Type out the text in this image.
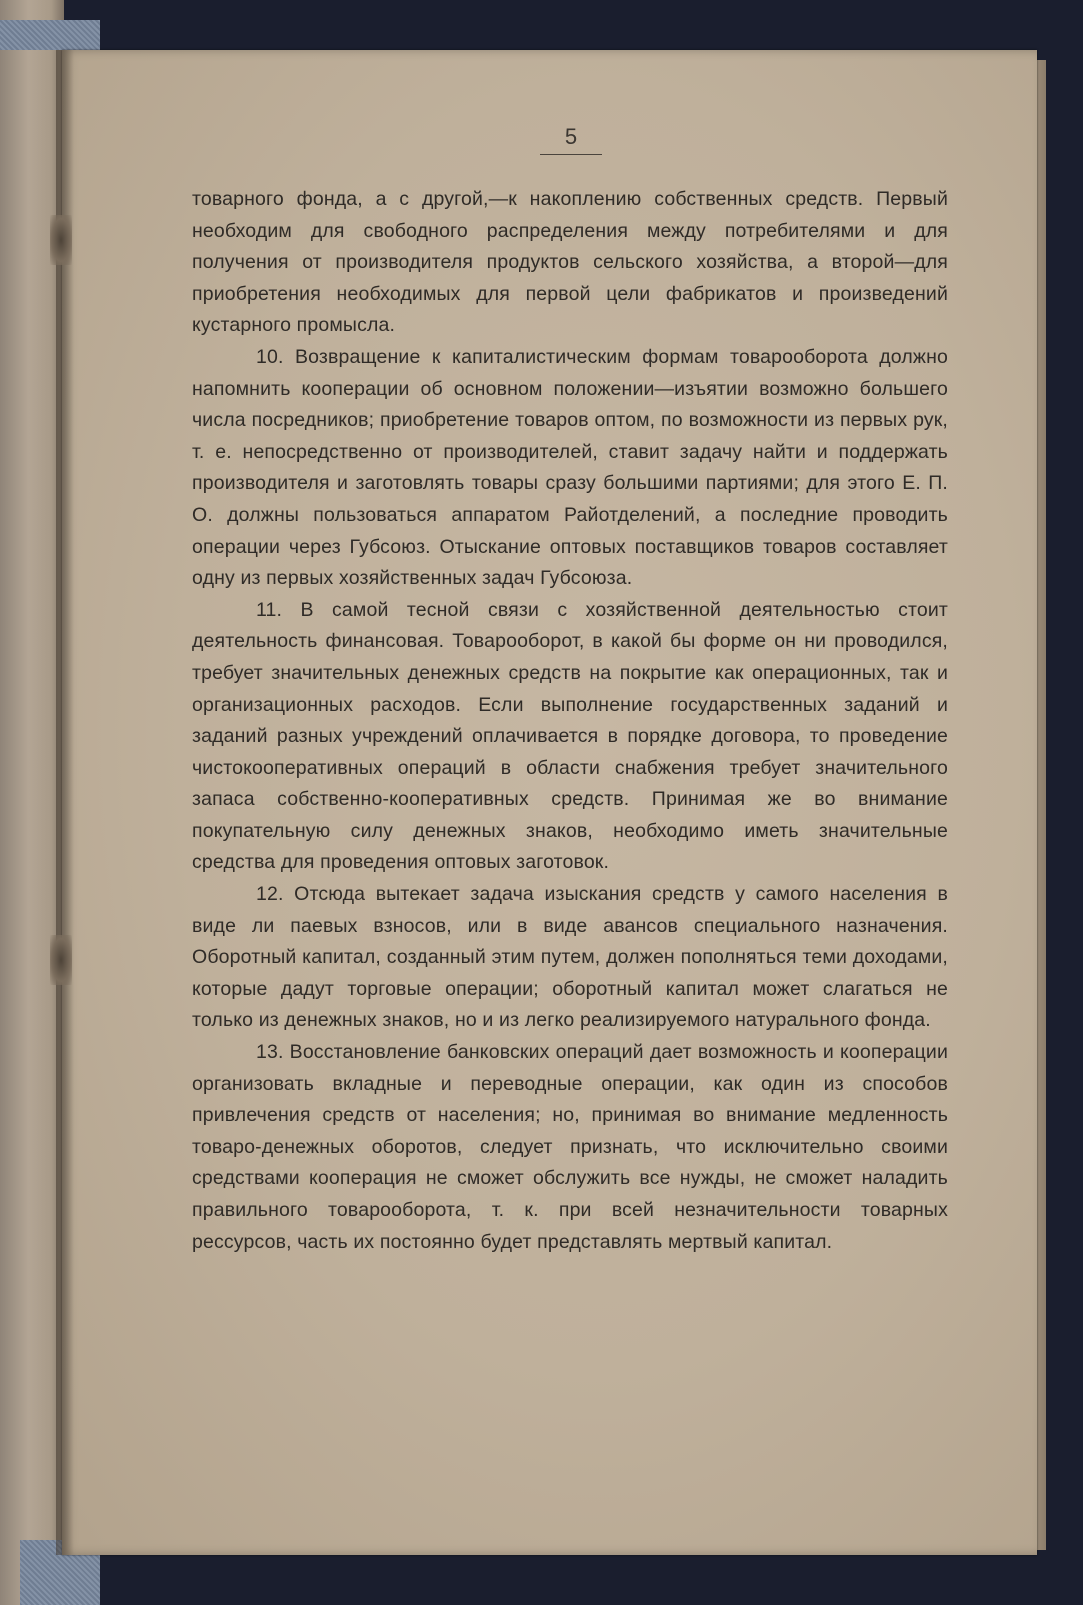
5

товарного фонда, а с другой,—к накоплению собственных средств. Первый необходим для свободного распределения между потребителями и для получения от производителя продуктов сельского хозяйства, а второй—для приобретения необходимых для первой цели фабрикатов и произведений кустарного промысла.

10. Возвращение к капиталистическим формам товарооборота должно напомнить кооперации об основном положении—изъятии возможно большего числа посредников; приобретение товаров оптом, по возможности из первых рук, т. е. непосредственно от производителей, ставит задачу найти и поддержать производителя и заготовлять товары сразу большими партиями; для этого Е. П. О. должны пользоваться аппаратом Райотделений, а последние проводить операции через Губсоюз. Отыскание оптовых поставщиков товаров составляет одну из первых хозяйственных задач Губсоюза.

11. В самой тесной связи с хозяйственной деятельностью стоит деятельность финансовая. Товарооборот, в какой бы форме он ни проводился, требует значительных денежных средств на покрытие как операционных, так и организационных расходов. Если выполнение государственных заданий и заданий разных учреждений оплачивается в порядке договора, то проведение чистокооперативных операций в области снабжения требует значительного запаса собственно-кооперативных средств. Принимая же во внимание покупательную силу денежных знаков, необходимо иметь значительные средства для проведения оптовых заготовок.

12. Отсюда вытекает задача изыскания средств у самого населения в виде ли паевых взносов, или в виде авансов специального назначения. Оборотный капитал, созданный этим путем, должен пополняться теми доходами, которые дадут торговые операции; оборотный капитал может слагаться не только из денежных знаков, но и из легко реализируемого натурального фонда.

13. Восстановление банковских операций дает возможность и кооперации организовать вкладные и переводные операции, как один из способов привлечения средств от населения; но, принимая во внимание медленность товаро-денежных оборотов, следует признать, что исключительно своими средствами кооперация не сможет обслужить все нужды, не сможет наладить правильного товарооборота, т. к. при всей незначительности товарных рессурсов, часть их постоянно будет представлять мертвый капитал.
